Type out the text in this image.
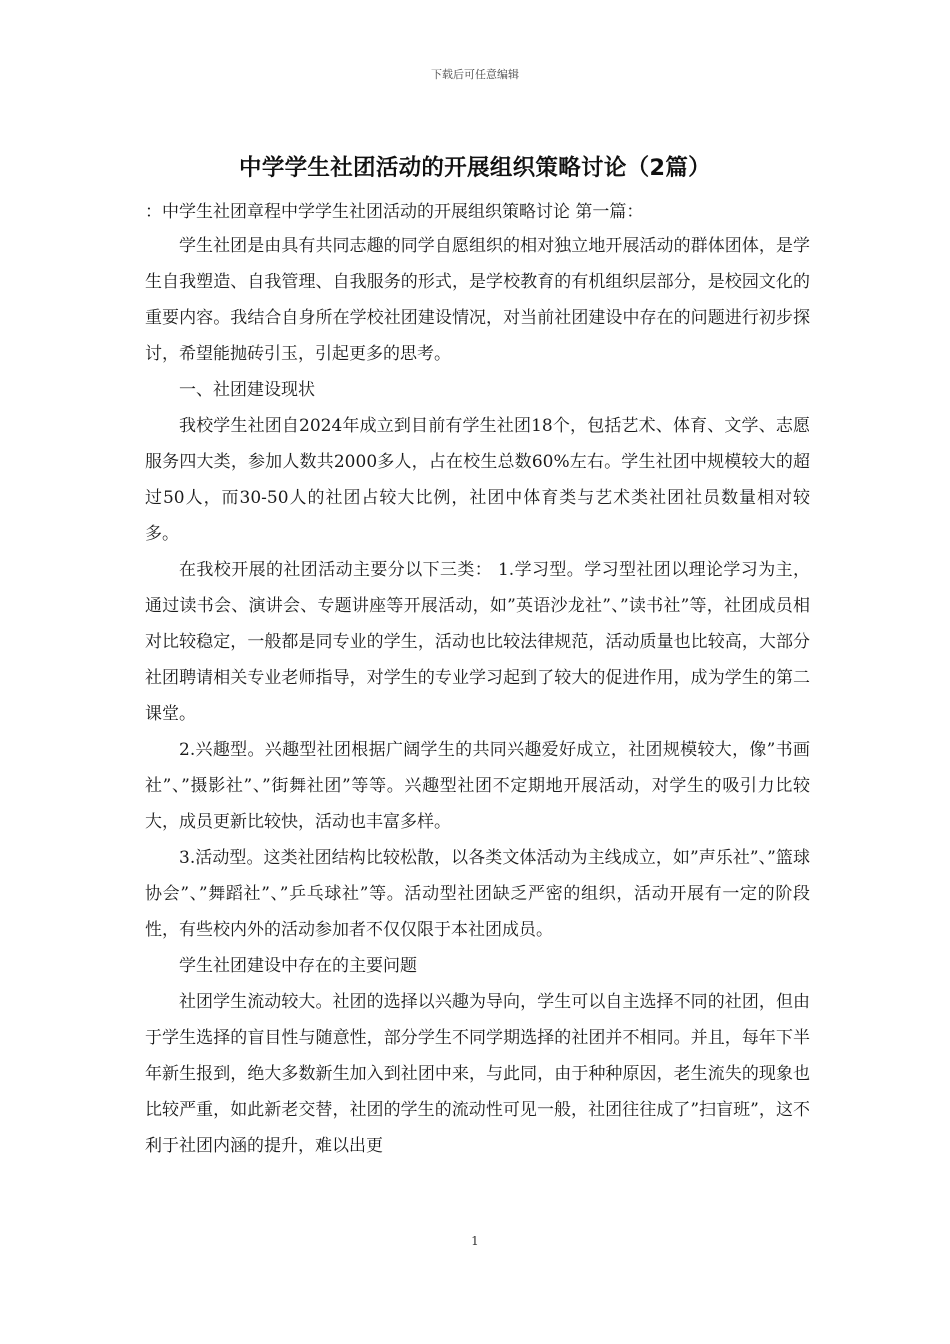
下载后可任意编辑
中学学生社团活动的开展组织策略讨论（2篇）

：中学生社团章程中学学生社团活动的开展组织策略讨论 第一篇：

学生社团是由具有共同志趣的同学自愿组织的相对独立地开展活动的群体团体，是学生自我塑造、自我管理、自我服务的形式，是学校教育的有机组织层部分，是校园文化的重要内容。我结合自身所在学校社团建设情况，对当前社团建设中存在的问题进行初步探讨，希望能抛砖引玉，引起更多的思考。

一、社团建设现状

我校学生社团自2024年成立到目前有学生社团18个，包括艺术、体育、文学、志愿服务四大类，参加人数共2000多人，占在校生总数60%左右。学生社团中规模较大的超过50人，而30-50人的社团占较大比例，社团中体育类与艺术类社团社员数量相对较多。

在我校开展的社团活动主要分以下三类： 1.学习型。学习型社团以理论学习为主，通过读书会、演讲会、专题讲座等开展活动，如”英语沙龙社”、”读书社”等，社团成员相对比较稳定，一般都是同专业的学生，活动也比较法律规范，活动质量也比较高，大部分社团聘请相关专业老师指导，对学生的专业学习起到了较大的促进作用，成为学生的第二课堂。

2.兴趣型。兴趣型社团根据广阔学生的共同兴趣爱好成立，社团规模较大，像”书画社”、”摄影社”、”街舞社团”等等。兴趣型社团不定期地开展活动，对学生的吸引力比较大，成员更新比较快，活动也丰富多样。

3.活动型。这类社团结构比较松散，以各类文体活动为主线成立，如”声乐社”、”篮球协会”、”舞蹈社”、”乒乓球社”等。活动型社团缺乏严密的组织，活动开展有一定的阶段性，有些校内外的活动参加者不仅仅限于本社团成员。

学生社团建设中存在的主要问题

社团学生流动较大。社团的选择以兴趣为导向，学生可以自主选择不同的社团，但由于学生选择的盲目性与随意性，部分学生不同学期选择的社团并不相同。并且，每年下半年新生报到，绝大多数新生加入到社团中来，与此同，由于种种原因，老生流失的现象也比较严重，如此新老交替，社团的学生的流动性可见一般，社团往往成了”扫盲班”，这不利于社团内涵的提升，难以出更

1
